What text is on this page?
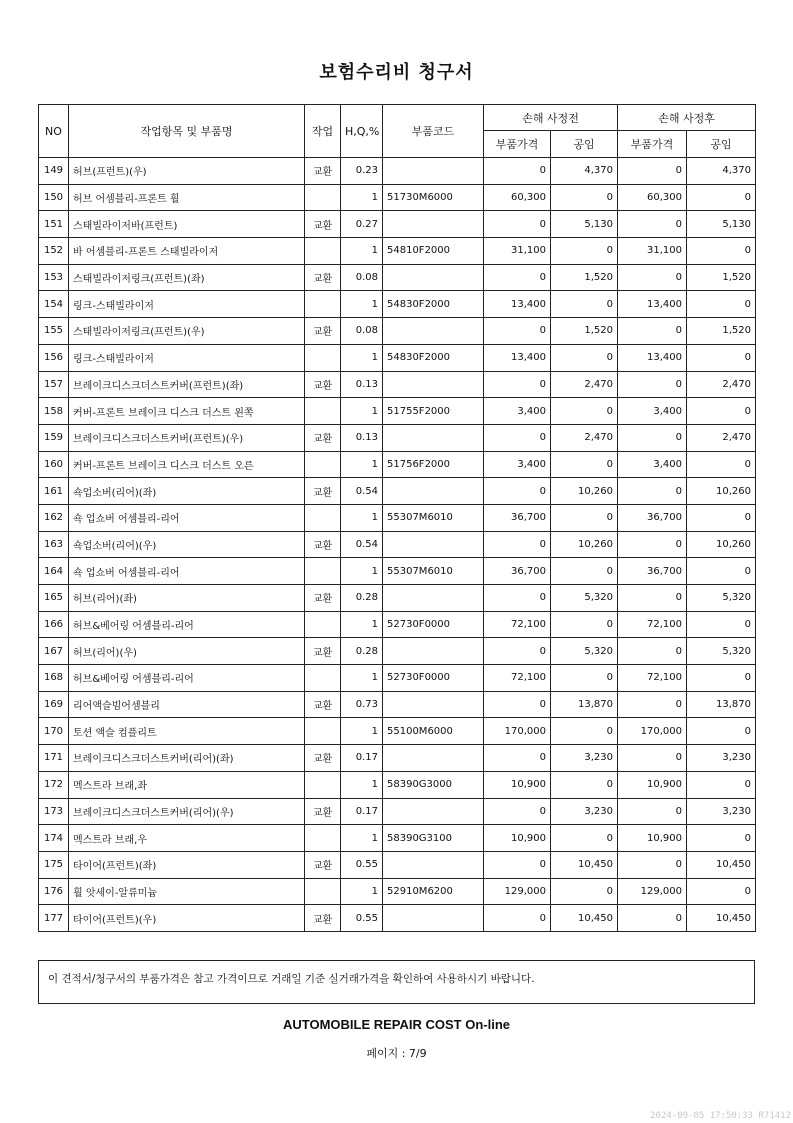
보험수리비 청구서
NO	작업항목 및 부품명	작업	H,Q,%	부품코드	손해 사정전		손해 사정후	
					부품가격	공임	부품가격	공임
149	허브(프런트)(우)	교환	0.23		0	4,370	0	4,370
150	허브 어셈블리-프론트 휠		1	51730M6000	60,300	0	60,300	0
151	스태빌라이저바(프런트)	교환	0.27		0	5,130	0	5,130
152	바 어셈블리-프론트 스태빌라이저		1	54810F2000	31,100	0	31,100	0
153	스태빌라이저링크(프런트)(좌)	교환	0.08		0	1,520	0	1,520
154	링크-스태빌라이저		1	54830F2000	13,400	0	13,400	0
155	스태빌라이저링크(프런트)(우)	교환	0.08		0	1,520	0	1,520
156	링크-스태빌라이저		1	54830F2000	13,400	0	13,400	0
157	브레이크디스크더스트커버(프런트)(좌)	교환	0.13		0	2,470	0	2,470
158	커버-프론트 브레이크 디스크 더스트 왼쪽		1	51755F2000	3,400	0	3,400	0
159	브레이크디스크더스트커버(프런트)(우)	교환	0.13		0	2,470	0	2,470
160	커버-프론트 브레이크 디스크 더스트 오른		1	51756F2000	3,400	0	3,400	0
161	쇽업소버(리어)(좌)	교환	0.54		0	10,260	0	10,260
162	쇽 업쇼버 어셈블리-리어		1	55307M6010	36,700	0	36,700	0
163	쇽업소버(리어)(우)	교환	0.54		0	10,260	0	10,260
164	쇽 업쇼버 어셈블리-리어		1	55307M6010	36,700	0	36,700	0
165	허브(리어)(좌)	교환	0.28		0	5,320	0	5,320
166	허브&베어링 어셈블리-리어		1	52730F0000	72,100	0	72,100	0
167	허브(리어)(우)	교환	0.28		0	5,320	0	5,320
168	허브&베어링 어셈블리-리어		1	52730F0000	72,100	0	72,100	0
169	리어액슬빔어셈블리	교환	0.73		0	13,870	0	13,870
170	토션 액슬 컴플리트		1	55100M6000	170,000	0	170,000	0
171	브레이크디스크더스트커버(리어)(좌)	교환	0.17		0	3,230	0	3,230
172	멕스트라 브래,좌		1	58390G3000	10,900	0	10,900	0
173	브레이크디스크더스트커버(리어)(우)	교환	0.17		0	3,230	0	3,230
174	멕스트라 브래,우		1	58390G3100	10,900	0	10,900	0
175	타이어(프런트)(좌)	교환	0.55		0	10,450	0	10,450
176	휠 앗세이-알류미늄		1	52910M6200	129,000	0	129,000	0
177	타이어(프런트)(우)	교환	0.55		0	10,450	0	10,450
이 견적서/청구서의 부품가격은 참고 가격이므로 거래일 기준 실거래가격을 확인하여 사용하시기 바랍니다.
AUTOMOBILE REPAIR COST On-line
페이지 : 7/9
2024-09-05 17:50:33 R71412
